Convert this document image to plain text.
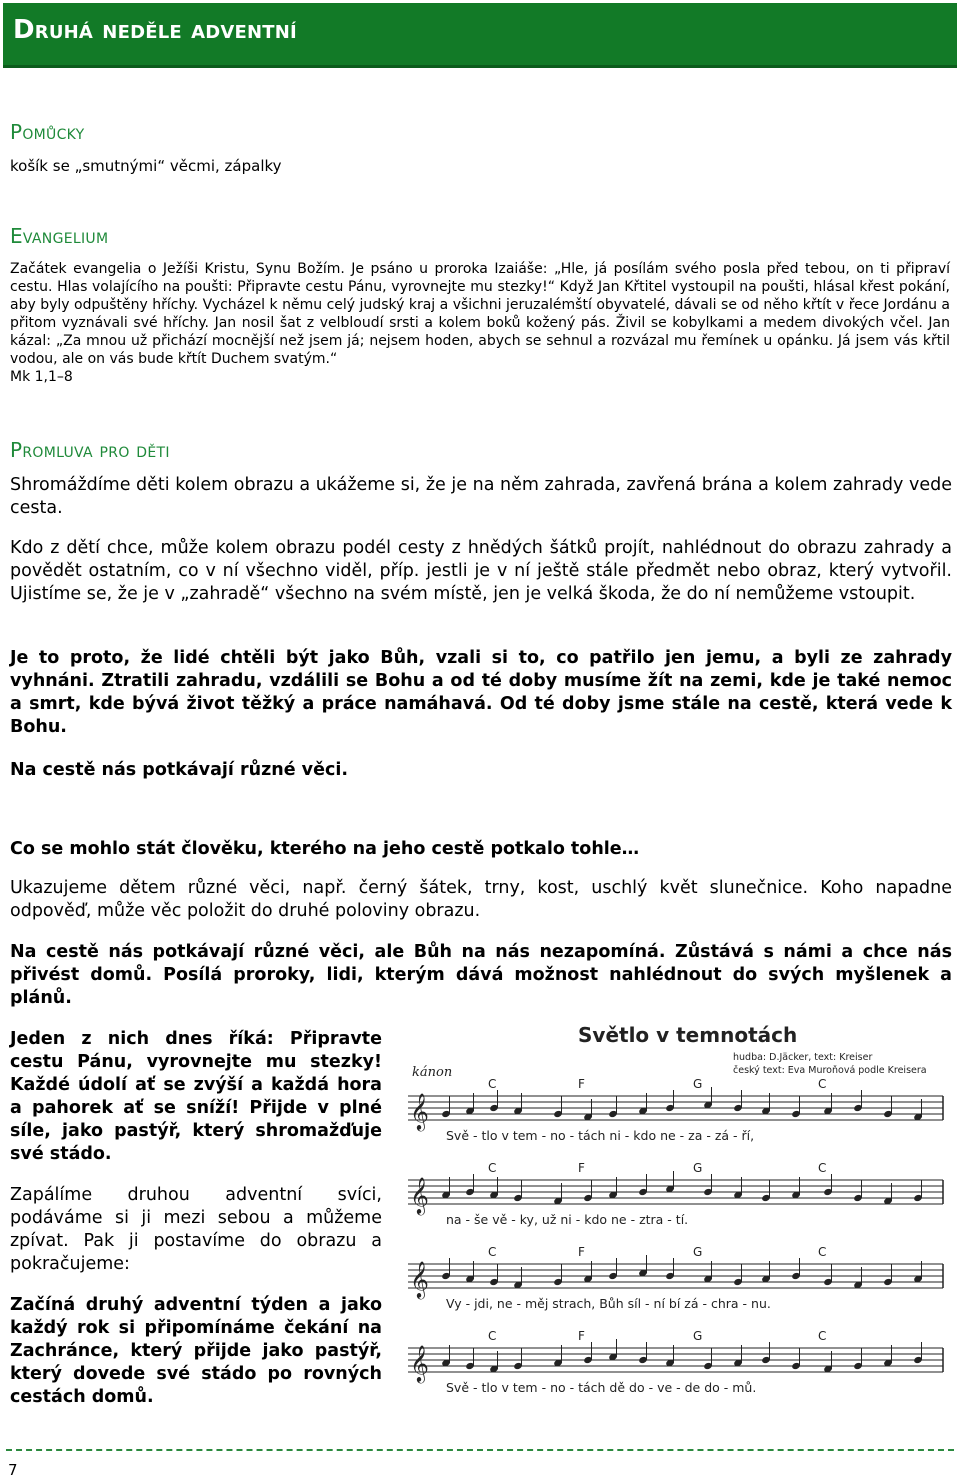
Druhá neděle adventní
Pomůcky
košík se „smutnými“ věcmi, zápalky
Evangelium

Začátek evangelia o Ježíši Kristu, Synu Božím. Je psáno u proroka Izaiáše: „Hle, já posílám svého posla před tebou, on ti připraví cestu. Hlas volajícího na poušti: Připravte cestu Pánu, vyrovnejte mu stezky!“ Když Jan Křtitel vystoupil na poušti, hlásal křest pokání, aby byly odpuštěny hříchy. Vycházel k němu celý judský kraj a všichni jeruzalémští obyvatelé, dávali se od něho křtít v řece Jordánu a přitom vyznávali své hříchy. Jan nosil šat z velbloudí srsti a kolem boků kožený pás. Živil se kobylkami a medem divokých včel. Jan kázal: „Za mnou už přichází mocnější než jsem já; nejsem hoden, abych se sehnul a rozvázal mu řemínek u opánku. Já jsem vás křtil vodou, ale on vás bude křtít Duchem svatým.“

Mk 1,1–8

Promluva pro děti

Shromáždíme děti kolem obrazu a ukážeme si, že je na něm zahrada, zavřená brána a kolem zahrady vede cesta.

Kdo z dětí chce, může kolem obrazu podél cesty z hnědých šátků projít, nahlédnout do obrazu zahrady a povědět ostatním, co v ní všechno viděl, příp. jestli je v ní ještě stále předmět nebo obraz, který vytvořil. Ujistíme se, že je v „zahradě“ všechno na svém místě, jen je velká škoda, že do ní nemůžeme vstoupit.

Je to proto, že lidé chtěli být jako Bůh, vzali si to, co patřilo jen jemu, a byli ze zahrady vyhnáni. Ztratili zahradu, vzdálili se Bohu a od té doby musíme žít na zemi, kde je také nemoc a smrt, kde bývá život těžký a práce namáhavá. Od té doby jsme stále na cestě, která vede k Bohu.

Na cestě nás potkávají různé věci.

Co se mohlo stát člověku, kterého na jeho cestě potkalo tohle…

Ukazujeme dětem různé věci, např. černý šátek, trny, kost, uschlý květ slunečnice. Koho napadne odpověď, může věc položit do druhé poloviny obrazu.

Na cestě nás potkávají různé věci, ale Bůh na nás nezapomíná. Zůstává s námi a chce nás přivést domů. Posílá proroky, lidi, kterým dává možnost nahlédnout do svých myšlenek a plánů.

Jeden z nich dnes říká: Připravte cestu Pánu, vyrovnejte mu stezky! Každé údolí ať se zvýší a každá hora a pahorek ať se sníží! Přijde v plné síle, jako pastýř, který shromažďuje své stádo.

Zapálíme druhou adventní svíci, podáváme si ji mezi sebou a můžeme zpívat. Pak ji postavíme do obrazu a pokračujeme:

Začíná druhý adventní týden a jako každý rok si připomínáme čekání na Zachránce, který přijde jako pastýř, který dovede své stádo po rovných cestách domů.

Světlo v temnotách
hudba: D.Jäcker, text: Kreiser
český text: Eva Muroňová podle Kreisera
kánon
𝄞
C	F	G	C
Svě - tlo v tem - no - tách ni - kdo ne - za - zá - ří,
𝄞
C	F	G	C
na - še vě - ky, už ni - kdo ne - ztra - tí.
𝄞
C	F	G	C
Vy - jdi, ne - měj strach, Bůh síl - ní bí zá - chra - nu.
𝄞
C	F	G	C
Svě - tlo v tem - no - tách dě do - ve - de do - mů.
7
